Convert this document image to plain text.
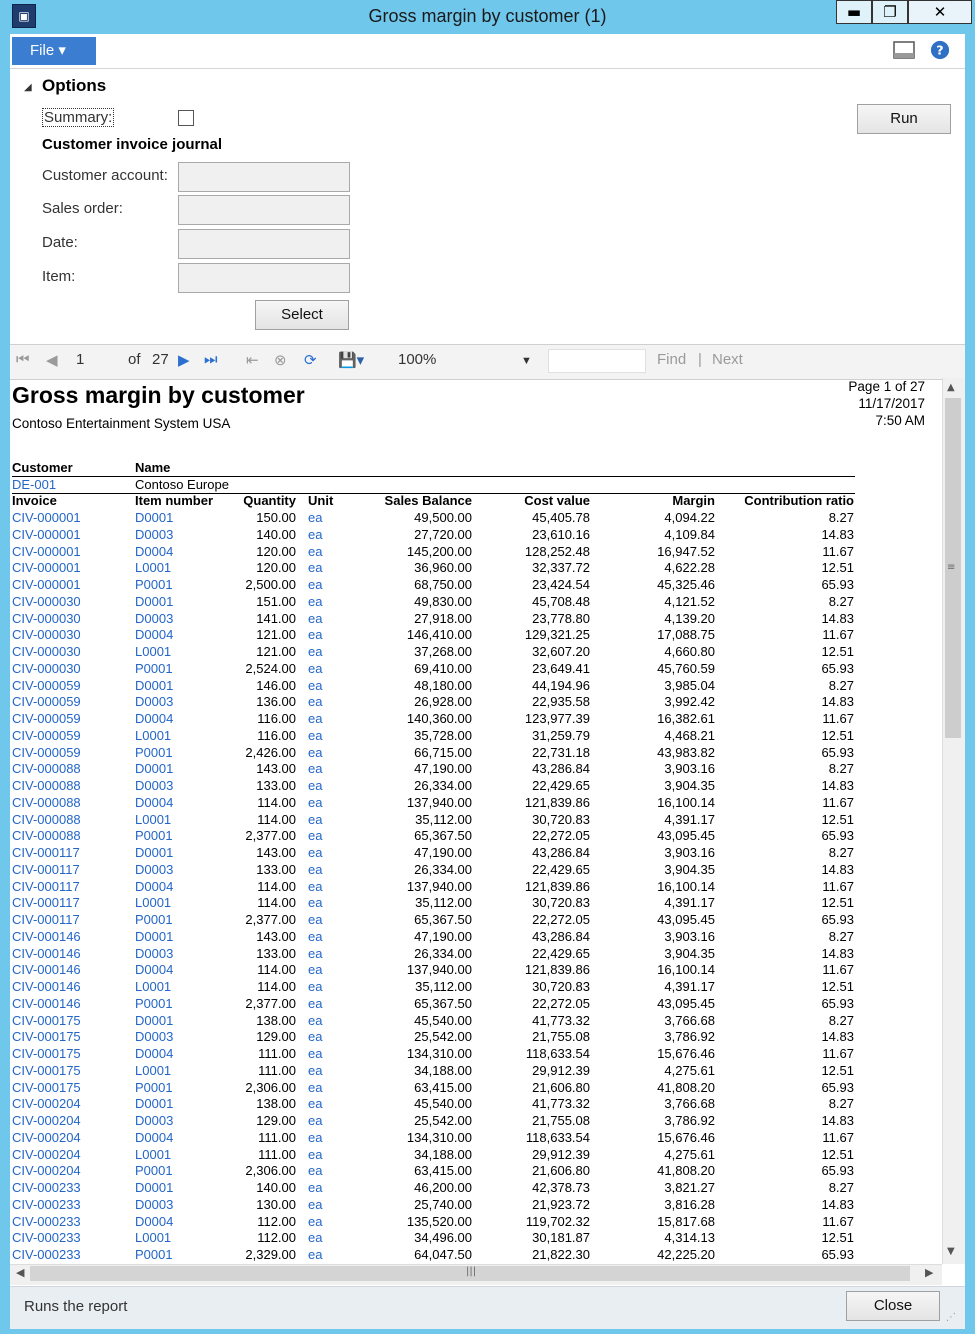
▣	Gross margin by customer (1)	▬	❐	✕
File ▾	?
◢ Options
Summary:
Customer invoice journal
Customer account:
Sales order:
Date:
Item:
Select
Run
⏮ ◀ 1	of 27 ▶ ⏭ ⇤ ⊗ ⟳ 💾▾ 100%	▼	Find | Next
Gross margin by customer
Contoso Entertainment System USA
Page 1 of 27
11/17/2017
7:50 AM
Customer	Name
DE-001	Contoso Europe
Invoice	Item number	Quantity Unit	Sales Balance	Cost value	Margin	Contribution ratio
CIV-000001	D0001	150.00 ea	49,500.00	45,405.78	4,094.22	8.27
CIV-000001	D0003	140.00 ea	27,720.00	23,610.16	4,109.84	14.83
CIV-000001	D0004	120.00 ea	145,200.00	128,252.48	16,947.52	11.67
CIV-000001	L0001	120.00 ea	36,960.00	32,337.72	4,622.28	12.51
CIV-000001	P0001	2,500.00 ea	68,750.00	23,424.54	45,325.46	65.93
CIV-000030	D0001	151.00 ea	49,830.00	45,708.48	4,121.52	8.27
CIV-000030	D0003	141.00 ea	27,918.00	23,778.80	4,139.20	14.83
CIV-000030	D0004	121.00 ea	146,410.00	129,321.25	17,088.75	11.67
CIV-000030	L0001	121.00 ea	37,268.00	32,607.20	4,660.80	12.51
CIV-000030	P0001	2,524.00 ea	69,410.00	23,649.41	45,760.59	65.93
CIV-000059	D0001	146.00 ea	48,180.00	44,194.96	3,985.04	8.27
CIV-000059	D0003	136.00 ea	26,928.00	22,935.58	3,992.42	14.83
CIV-000059	D0004	116.00 ea	140,360.00	123,977.39	16,382.61	11.67
CIV-000059	L0001	116.00 ea	35,728.00	31,259.79	4,468.21	12.51
CIV-000059	P0001	2,426.00 ea	66,715.00	22,731.18	43,983.82	65.93
CIV-000088	D0001	143.00 ea	47,190.00	43,286.84	3,903.16	8.27
CIV-000088	D0003	133.00 ea	26,334.00	22,429.65	3,904.35	14.83
CIV-000088	D0004	114.00 ea	137,940.00	121,839.86	16,100.14	11.67
CIV-000088	L0001	114.00 ea	35,112.00	30,720.83	4,391.17	12.51
CIV-000088	P0001	2,377.00 ea	65,367.50	22,272.05	43,095.45	65.93
CIV-000117	D0001	143.00 ea	47,190.00	43,286.84	3,903.16	8.27
CIV-000117	D0003	133.00 ea	26,334.00	22,429.65	3,904.35	14.83
CIV-000117	D0004	114.00 ea	137,940.00	121,839.86	16,100.14	11.67
CIV-000117	L0001	114.00 ea	35,112.00	30,720.83	4,391.17	12.51
CIV-000117	P0001	2,377.00 ea	65,367.50	22,272.05	43,095.45	65.93
CIV-000146	D0001	143.00 ea	47,190.00	43,286.84	3,903.16	8.27
CIV-000146	D0003	133.00 ea	26,334.00	22,429.65	3,904.35	14.83
CIV-000146	D0004	114.00 ea	137,940.00	121,839.86	16,100.14	11.67
CIV-000146	L0001	114.00 ea	35,112.00	30,720.83	4,391.17	12.51
CIV-000146	P0001	2,377.00 ea	65,367.50	22,272.05	43,095.45	65.93
CIV-000175	D0001	138.00 ea	45,540.00	41,773.32	3,766.68	8.27
CIV-000175	D0003	129.00 ea	25,542.00	21,755.08	3,786.92	14.83
CIV-000175	D0004	111.00 ea	134,310.00	118,633.54	15,676.46	11.67
CIV-000175	L0001	111.00 ea	34,188.00	29,912.39	4,275.61	12.51
CIV-000175	P0001	2,306.00 ea	63,415.00	21,606.80	41,808.20	65.93
CIV-000204	D0001	138.00 ea	45,540.00	41,773.32	3,766.68	8.27
CIV-000204	D0003	129.00 ea	25,542.00	21,755.08	3,786.92	14.83
CIV-000204	D0004	111.00 ea	134,310.00	118,633.54	15,676.46	11.67
CIV-000204	L0001	111.00 ea	34,188.00	29,912.39	4,275.61	12.51
CIV-000204	P0001	2,306.00 ea	63,415.00	21,606.80	41,808.20	65.93
CIV-000233	D0001	140.00 ea	46,200.00	42,378.73	3,821.27	8.27
CIV-000233	D0003	130.00 ea	25,740.00	21,923.72	3,816.28	14.83
CIV-000233	D0004	112.00 ea	135,520.00	119,702.32	15,817.68	11.67
CIV-000233	L0001	112.00 ea	34,496.00	30,181.87	4,314.13	12.51
CIV-000233	P0001	2,329.00 ea	64,047.50	21,822.30	42,225.20	65.93
▲
≡
▼
◀	|||	▶
Runs the report	Close
⋰
